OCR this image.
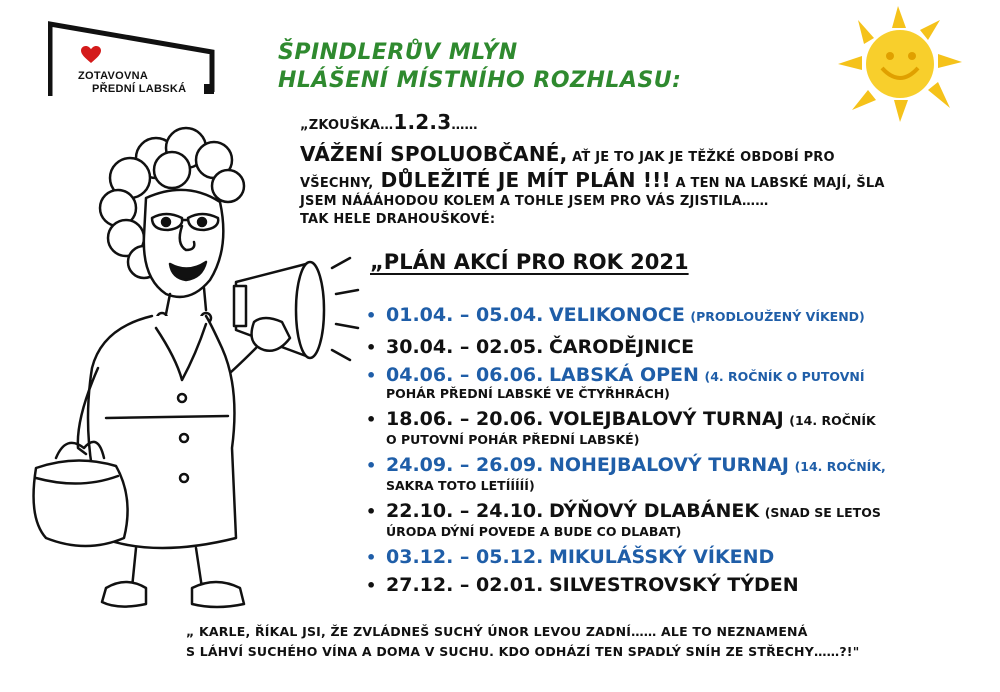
ZOTAVOVNA
PŘEDNÍ LABSKÁ
ŠPINDLERŮV MLÝN
HLÁŠENÍ MÍSTNÍHO ROZHLASU:
„ZKOUŠKA…1.2.3……
VÁŽENÍ SPOLUOBČANÉ, AŤ JE TO JAK JE TĚŽKÉ OBDOBÍ PRO
VŠECHNY, DŮLEŽITÉ JE MÍT PLÁN !!! A TEN NA LABSKÉ MAJÍ, ŠLA
JSEM NÁÁÁHODOU KOLEM A TOHLE JSEM PRO VÁS ZJISTILA……
TAK HELE DRAHOUŠKOVÉ:
„PLÁN AKCÍ PRO ROK 2021
• 01.04. – 05.04. VELIKONOCE (PRODLOUŽENÝ VÍKEND)
• 30.04. – 02.05. ČARODĚJNICE
• 04.06. – 06.06. LABSKÁ OPEN (4. ROČNÍK O PUTOVNÍ
POHÁR PŘEDNÍ LABSKÉ VE ČTYŘHRÁCH)
• 18.06. – 20.06. VOLEJBALOVÝ TURNAJ (14. ROČNÍK
O PUTOVNÍ POHÁR PŘEDNÍ LABSKÉ)
• 24.09. – 26.09. NOHEJBALOVÝ TURNAJ (14. ROČNÍK,
SAKRA TOTO LETÍÍÍÍÍ)
• 22.10. – 24.10. DÝŇOVÝ DLABÁNEK (SNAD SE LETOS
ÚRODA DÝNÍ POVEDE A BUDE CO DLABAT)
• 03.12. – 05.12. MIKULÁŠSKÝ VÍKEND
• 27.12. – 02.01. SILVESTROVSKÝ TÝDEN
„ KARLE, ŘÍKAL JSI, ŽE ZVLÁDNEŠ SUCHÝ ÚNOR LEVOU ZADNÍ…… ALE TO NEZNAMENÁ
S LÁHVÍ SUCHÉHO VÍNA A DOMA V SUCHU. KDO ODHÁZÍ TEN SPADLÝ SNÍH ZE STŘECHY……?!"
